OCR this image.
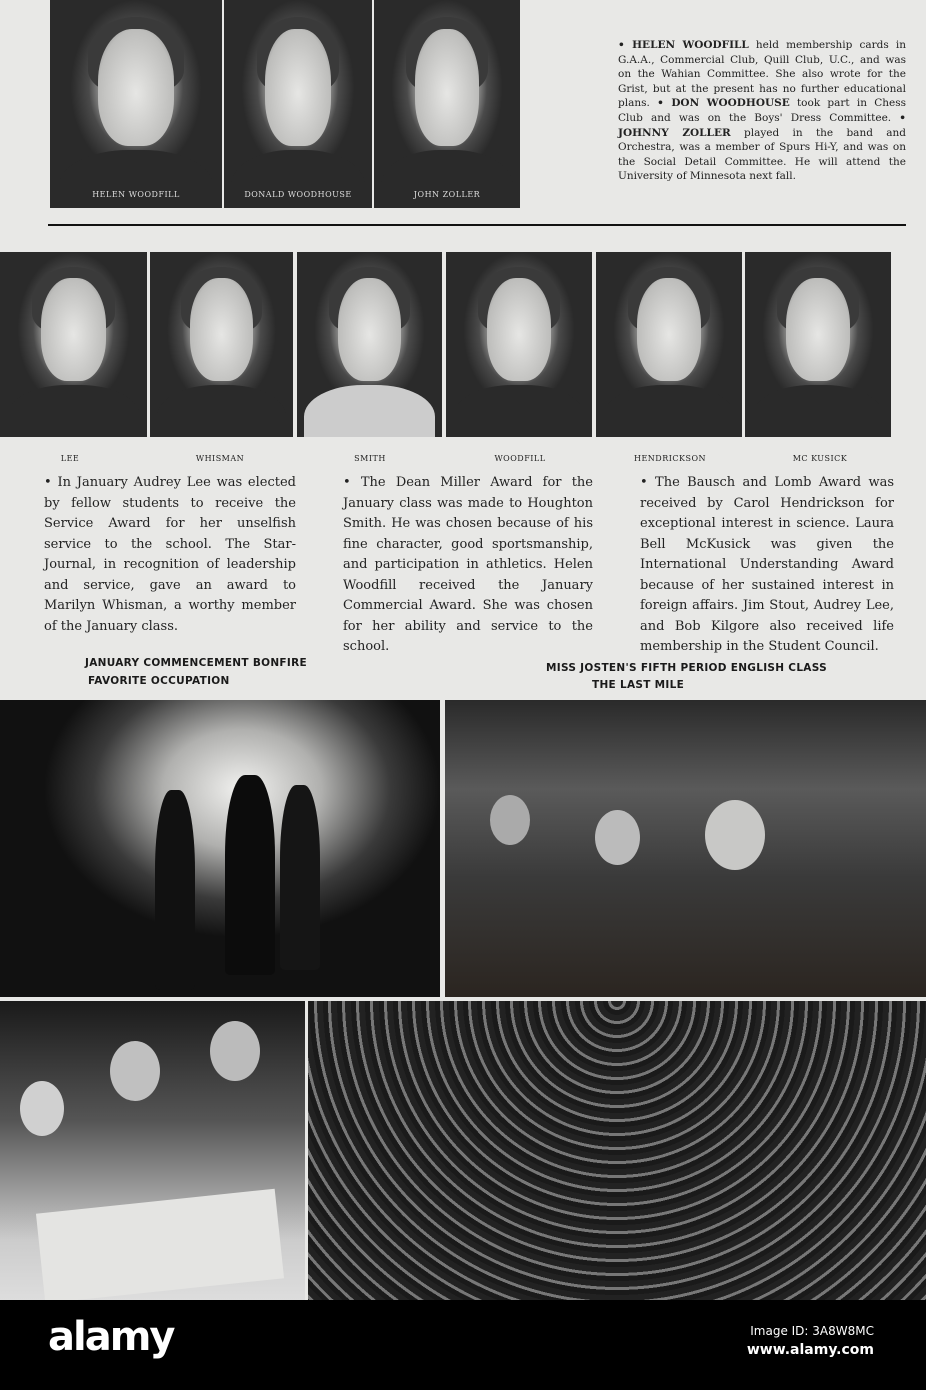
HELEN WOODFILL	DONALD WOODHOUSE	JOHN ZOLLER
• HELEN WOODFILL held membership cards in G.A.A., Commercial Club, Quill Club, U.C., and was on the Wahian Committee. She also wrote for the Grist, but at the present has no further educational plans. • DON WOODHOUSE took part in Chess Club and was on the Boys' Dress Committee. • JOHNNY ZOLLER played in the band and Orchestra, was a member of Spurs Hi-Y, and was on the Social Detail Committee. He will attend the University of Minnesota next fall.
LEE	WHISMAN	SMITH	WOODFILL	HENDRICKSON	MC KUSICK
• In January Audrey Lee was elected by fellow students to receive the Service Award for her unselfish service to the school. The Star-Journal, in recognition of leadership and service, gave an award to Marilyn Whisman, a worthy member of the January class.
• The Dean Miller Award for the January class was made to Houghton Smith. He was chosen because of his fine character, good sportsmanship, and participation in athletics. Helen Woodfill received the January Commercial Award. She was chosen for her ability and service to the school.
• The Bausch and Lomb Award was received by Carol Hendrickson for exceptional interest in science. Laura Bell McKusick was given the International Understanding Award because of her sustained interest in foreign affairs. Jim Stout, Audrey Lee, and Bob Kilgore also received life membership in the Student Council.
JANUARY COMMENCEMENT BONFIRE
FAVORITE OCCUPATION
MISS JOSTEN'S FIFTH PERIOD ENGLISH CLASS
THE LAST MILE
alamy	Image ID: 3A8W8MC
www.alamy.com
